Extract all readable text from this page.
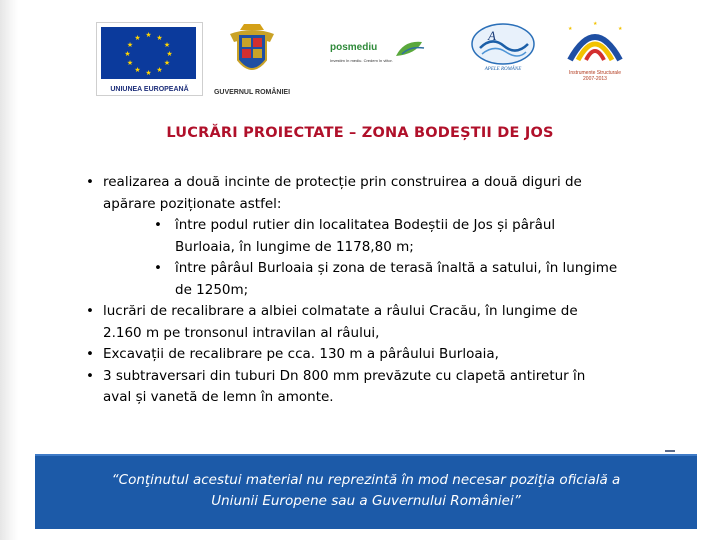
★ ★
★
★
★
★
★
★
★
★
★
★
UNIUNEA EUROPEANĂ	GUVERNUL ROMÂNIEI
posmediu
Investim în mediu. Credem în viitor.
A
APELE ROMÂNE
★	★
★
Instrumente Structurale
2007-2013
LUCRĂRI PROIECTATE – ZONA BODEȘTII DE JOS
• realizarea a două incinte de protecție prin construirea a două diguri de
apărare poziționate astfel:
• între podul rutier din localitatea Bodeștii de Jos și pârâul
Burloaia, în lungime de 1178,80 m;
• între pârâul Burloaia și zona de terasă înaltă a satului, în lungime
de 1250m;
• lucrări de recalibrare a albiei colmatate a râului Cracău, în lungime de
2.160 m pe tronsonul intravilan al râului,
• Excavații de recalibrare pe cca. 130 m a pârâului Burloaia,
• 3 subtraversari din tuburi Dn 800 mm prevăzute cu clapetă antiretur în
aval și vanetă de lemn în amonte.
“Conţinutul acestui material nu reprezintă în mod necesar poziţia oficială a
Uniunii Europene sau a Guvernului României”
